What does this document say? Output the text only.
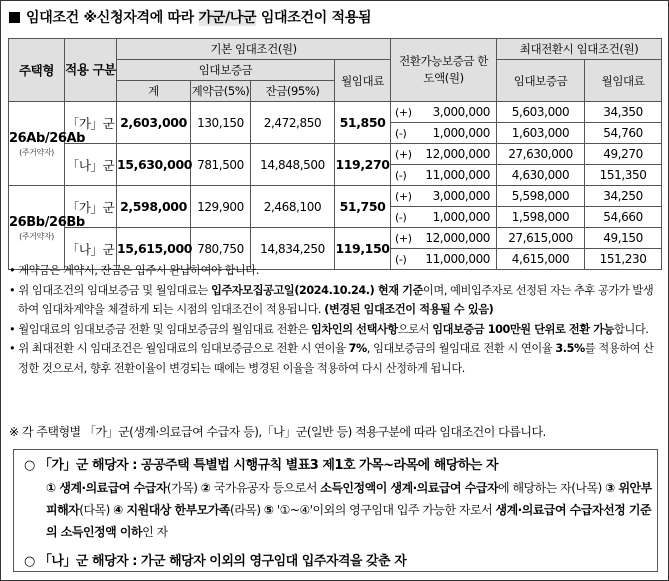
임대조건 ※신청자격에 따라 가군/나군 임대조건이 적용됨
주택형	적용 구분	기본 임대조건(원)				전환가능보증금 한도액(원)		최대전환시 임대조건(원)	
		임대보증금			월임대료			임대보증금	월임대료
		계	계약금(5%)	잔금(95%)					

26Ab/26Ab
(주거약자)	「가」군	2,603,000	130,150	2,472,850	51,850	(+)	3,000,000	5,603,000	34,350
						(-)	1,000,000	1,603,000	54,760
	「나」군	15,630,000	781,500	14,848,500	119,270	(+)	12,000,000	27,630,000	49,270
						(-)	11,000,000	4,630,000	151,350

26Bb/26Bb
(주거약자)	「가」군	2,598,000	129,900	2,468,100	51,750	(+)	3,000,000	5,598,000	34,250
						(-)	1,000,000	1,598,000	54,660
	「나」군	15,615,000	780,750	14,834,250	119,150	(+)	12,000,000	27,615,000	49,150
						(-)	11,000,000	4,615,000	151,230

• 계약금은 계약시, 잔금은 입주시 완납하여야 합니다.

• 위 임대조건의 임대보증금 및 월임대료는 입주자모집공고일(2024.10.24.) 현재 기준이며, 예비입주자로 선정된 자는 추후 공가가 발생하여 임대차계약을 체결하게 되는 시점의 임대조건이 적용됩니다. (변경된 임대조건이 적용될 수 있음)

• 월임대료의 임대보증금 전환 및 임대보증금의 월임대료 전환은 임차인의 선택사항으로서 임대보증금 100만원 단위로 전환 가능합니다.

• 위 최대전환 시 임대조건은 월임대료의 임대보증금으로 전환 시 연이율 7%, 임대보증금의 월임대료 전환 시 연이율 3.5%를 적용하여 산정한 것으로서, 향후 전환이율이 변경되는 때에는 병경된 이율을 적용하여 다시 산정하게 됩니다.

※ 각 주택형별 「가」군(생계·의료급여 수급자 등),「나」군(일반 등) 적용구분에 따라 임대조건이 다릅니다.
○ 「가」군 해당자 : 공공주택 특별법 시행규칙 별표3 제1호 가목~라목에 해당하는 자
① 생계·의료급여 수급자(가목) ② 국가유공자 등으로서 소득인정액이 생계·의료급여 수급자에 해당하는 자(나목) ③ 위안부 피해자(다목) ④ 지원대상 한부모가족(라목) ⑤ '①~④'이외의 영구임대 입주 가능한 자로서 생계·의료급여 수급자선정 기준의 소득인정액 이하인 자
○ 「나」군 해당자 : 가군 해당자 이외의 영구임대 입주자격을 갖춘 자
